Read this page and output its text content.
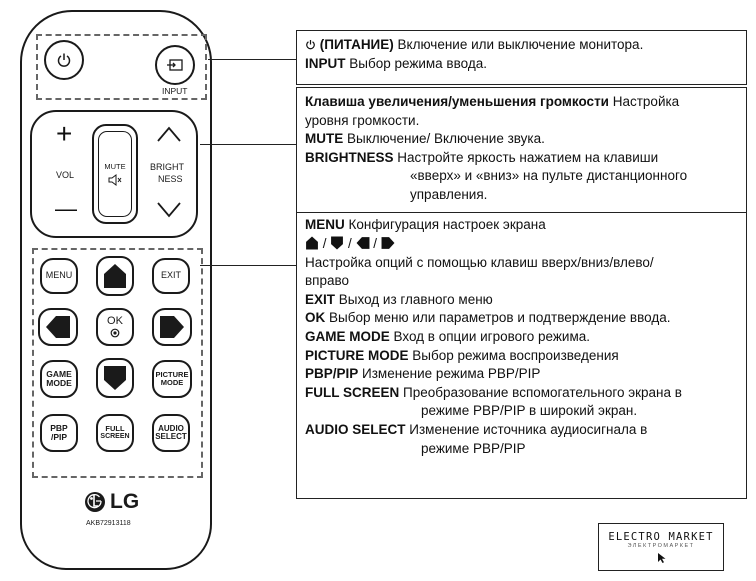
INPUT
+
VOL
—
MUTE	BRIGHT
NESS
MENU	EXIT
OK
GAME
MODE
PICTURE
MODE
PBP
/PIP
FULL
SCREEN
AUDIO
SELECT
LG
AKB72913118
(ПИТАНИЕ) Включение или выключение монитора.
INPUT Выбор режима ввода.
Клавиша увеличения/уменьшения громкости Настройка
уровня громкости.
MUTE Выключение/ Включение звука.
BRIGHTNESS Настройте яркость нажатием на клавиши
«вверх» и «вниз» на пульте дистанционного
управления.
MENU Конфигурация настроек экрана
/  /  /
Настройка опций с помощью клавиш вверх/вниз/влево/
вправо
EXIT Выход из главного меню
OK Выбор меню или параметров и подтверждение ввода.
GAME MODE Вход в опции игрового режима.
PICTURE MODE Выбор режима воспроизведения
PBP/PIP Изменение режима PBP/PIP
FULL SCREEN Преобразование вспомогательного экрана в
режиме PBP/PIP в широкий экран.
AUDIO SELECT Изменение источника аудиосигнала в
режиме PBP/PIP
ELECTRO MARKET
ЭЛЕКТРОМАРКЕТ
